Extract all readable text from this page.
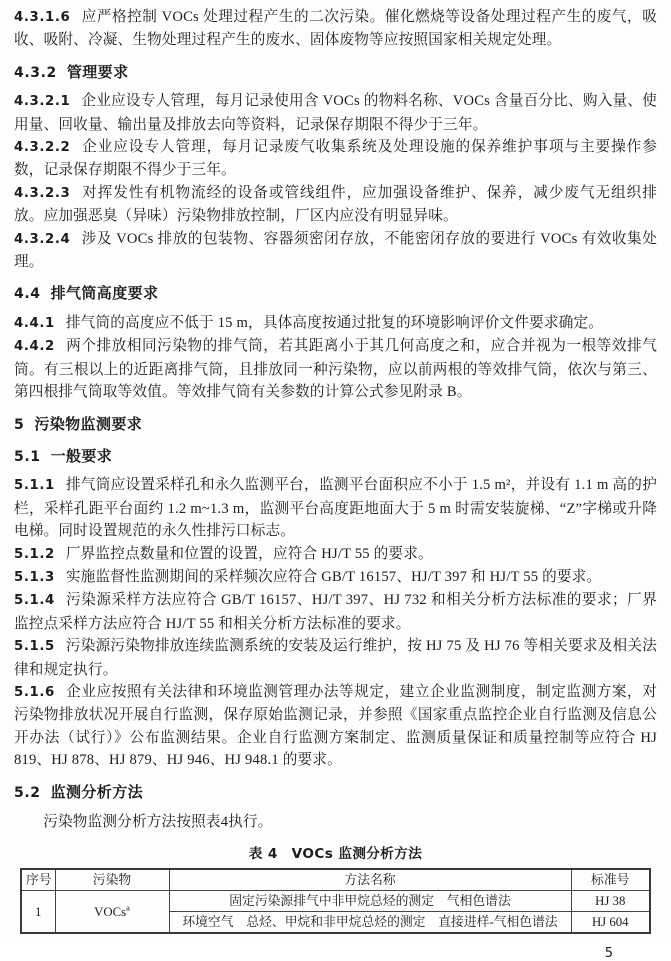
4.3.1.6 应严格控制 VOCs 处理过程产生的二次污染。催化燃烧等设备处理过程产生的废气，吸收、吸附、冷凝、生物处理过程产生的废水、固体废物等应按照国家相关规定处理。

4.3.2 管理要求

4.3.2.1 企业应设专人管理，每月记录使用含 VOCs 的物料名称、VOCs 含量百分比、购入量、使用量、回收量、输出量及排放去向等资料，记录保存期限不得少于三年。

4.3.2.2 企业应设专人管理，每月记录废气收集系统及处理设施的保养维护事项与主要操作参数，记录保存期限不得少于三年。

4.3.2.3 对挥发性有机物流经的设备或管线组件，应加强设备维护、保养，减少废气无组织排放。应加强恶臭（异味）污染物排放控制，厂区内应没有明显异味。

4.3.2.4 涉及 VOCs 排放的包装物、容器须密闭存放，不能密闭存放的要进行 VOCs 有效收集处理。

4.4 排气筒高度要求

4.4.1 排气筒的高度应不低于 15 m，具体高度按通过批复的环境影响评价文件要求确定。

4.4.2 两个排放相同污染物的排气筒，若其距离小于其几何高度之和，应合并视为一根等效排气筒。有三根以上的近距离排气筒，且排放同一种污染物，应以前两根的等效排气筒，依次与第三、第四根排气筒取等效值。等效排气筒有关参数的计算公式参见附录 B。

5 污染物监测要求

5.1 一般要求

5.1.1 排气筒应设置采样孔和永久监测平台，监测平台面积应不小于 1.5 m²，并设有 1.1 m 高的护栏，采样孔距平台面约 1.2 m~1.3 m，监测平台高度距地面大于 5 m 时需安装旋梯、“Z”字梯或升降电梯。同时设置规范的永久性排污口标志。

5.1.2 厂界监控点数量和位置的设置，应符合 HJ/T 55 的要求。

5.1.3 实施监督性监测期间的采样频次应符合 GB/T 16157、HJ/T 397 和 HJ/T 55 的要求。

5.1.4 污染源采样方法应符合 GB/T 16157、HJ/T 397、HJ 732 和相关分析方法标准的要求；厂界监控点采样方法应符合 HJ/T 55 和相关分析方法标准的要求。

5.1.5 污染源污染物排放连续监测系统的安装及运行维护，按 HJ 75 及 HJ 76 等相关要求及相关法律和规定执行。

5.1.6 企业应按照有关法律和环境监测管理办法等规定，建立企业监测制度，制定监测方案，对污染物排放状况开展自行监测，保存原始监测记录，并参照《国家重点监控企业自行监测及信息公开办法（试行）》公布监测结果。企业自行监测方案制定、监测质量保证和质量控制等应符合 HJ 819、HJ 878、HJ 879、HJ 946、HJ 948.1 的要求。

5.2 监测分析方法

污染物监测分析方法按照表4执行。

表 4　VOCs 监测分析方法

序号	污染物	方法名称	标准号
1	VOCs$^a$	固定污染源排气中非甲烷总烃的测定　气相色谱法	HJ 38
		环境空气　总烃、甲烷和非甲烷总烃的测定　直接进样-气相色谱法	HJ 604
5
